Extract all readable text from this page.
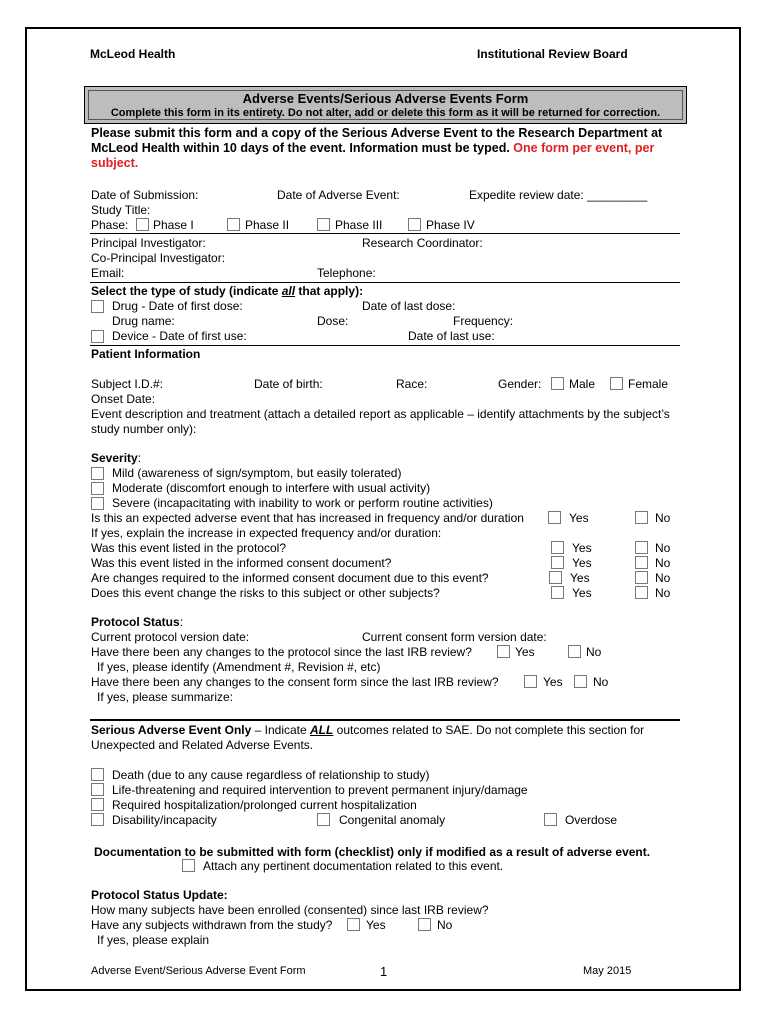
McLeod Health	Institutional Review Board
Adverse Events/Serious Adverse Events Form
Complete this form in its entirety. Do not alter, add or delete this form as it will be returned for correction.
Please submit this form and a copy of the Serious Adverse Event to the Research Department at McLeod Health within 10 days of the event. Information must be typed. One form per event, per subject.
Date of Submission:	Date of Adverse Event:	Expedite review date: _________
Study Title:
Phase: Phase I	Phase II	Phase III	Phase IV
Principal Investigator:	Research Coordinator:
Co-Principal Investigator:
Email:	Telephone:
Select the type of study (indicate all that apply):
Drug - Date of first dose:	Date of last dose:
Drug name:	Dose:	Frequency:
Device - Date of first use:	Date of last use:
Patient Information
Subject I.D.#:	Date of birth:	Race:	Gender: Male	Female
Onset Date:
Event description and treatment (attach a detailed report as applicable – identify attachments by the subject’s study number only):
Severity:
Mild (awareness of sign/symptom, but easily tolerated)
Moderate (discomfort enough to interfere with usual activity)
Severe (incapacitating with inability to work or perform routine activities)
Is this an expected adverse event that has increased in frequency and/or duration	Yes	No
If yes, explain the increase in expected frequency and/or duration:
Was this event listed in the protocol?	Yes	No
Was this event listed in the informed consent document?	Yes	No
Are changes required to the informed consent document due to this event?	Yes	No
Does this event change the risks to this subject or other subjects?	Yes	No
Protocol Status:
Current protocol version date:	Current consent form version date:
Have there been any changes to the protocol since the last IRB review?	Yes	No
If yes, please identify (Amendment #, Revision #, etc)
Have there been any changes to the consent form since the last IRB review?	Yes	No
If yes, please summarize:
Serious Adverse Event Only – Indicate ALL outcomes related to SAE. Do not complete this section for Unexpected and Related Adverse Events.
Death (due to any cause regardless of relationship to study)
Life-threatening and required intervention to prevent permanent injury/damage
Required hospitalization/prolonged current hospitalization
Disability/incapacity	Congenital anomaly	Overdose
Documentation to be submitted with form (checklist) only if modified as a result of adverse event.
Attach any pertinent documentation related to this event.
Protocol Status Update:
How many subjects have been enrolled (consented) since last IRB review?
Have any subjects withdrawn from the study?	Yes	No
If yes, please explain
Adverse Event/Serious Adverse Event Form	1	May 2015
